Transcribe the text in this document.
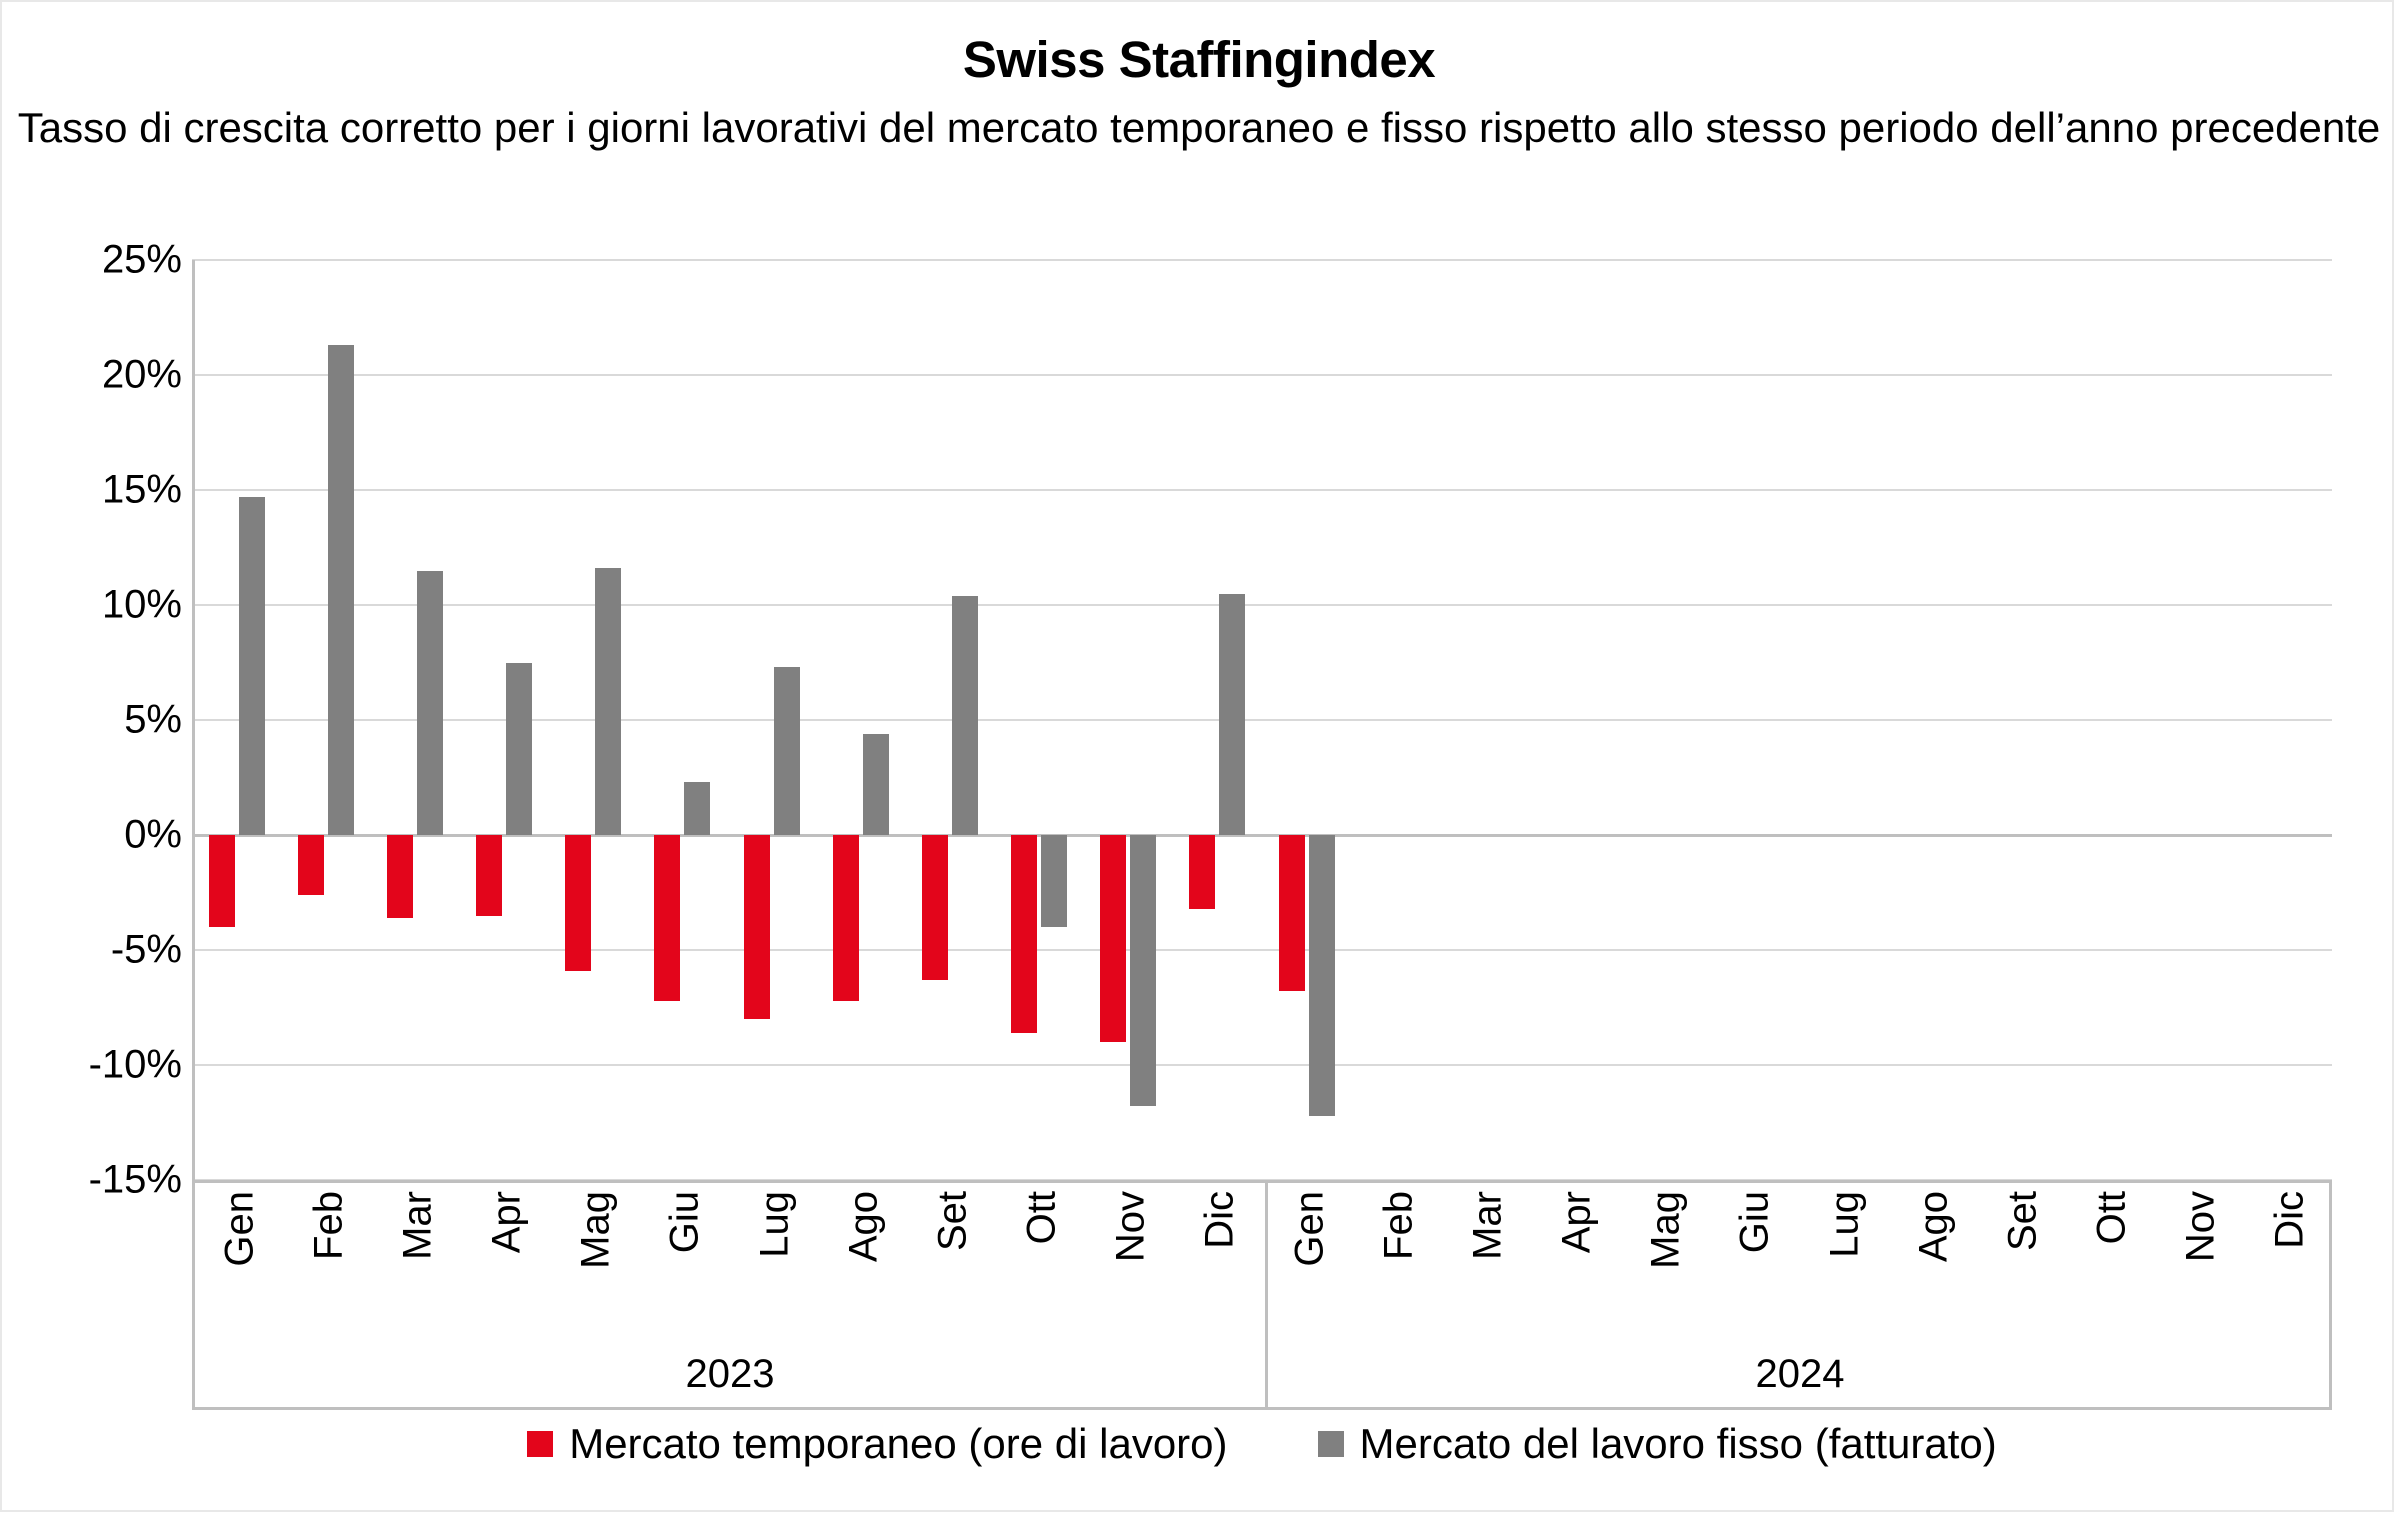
Swiss Staffingindex
Tasso di crescita corretto per i giorni lavorativi del mercato temporaneo e fisso rispetto allo stesso periodo dell’anno precedente
-15%
-10%
-5%
0%
5%
10%
15%
20%
25%
Gen Feb Mar Apr Mag Giu Lug Ago Set Ott Nov Dic Gen Feb Mar Apr Mag Giu Lug Ago Set Ott Nov Dic
2023	2024
Mercato temporaneo (ore di lavoro)	Mercato del lavoro fisso (fatturato)
